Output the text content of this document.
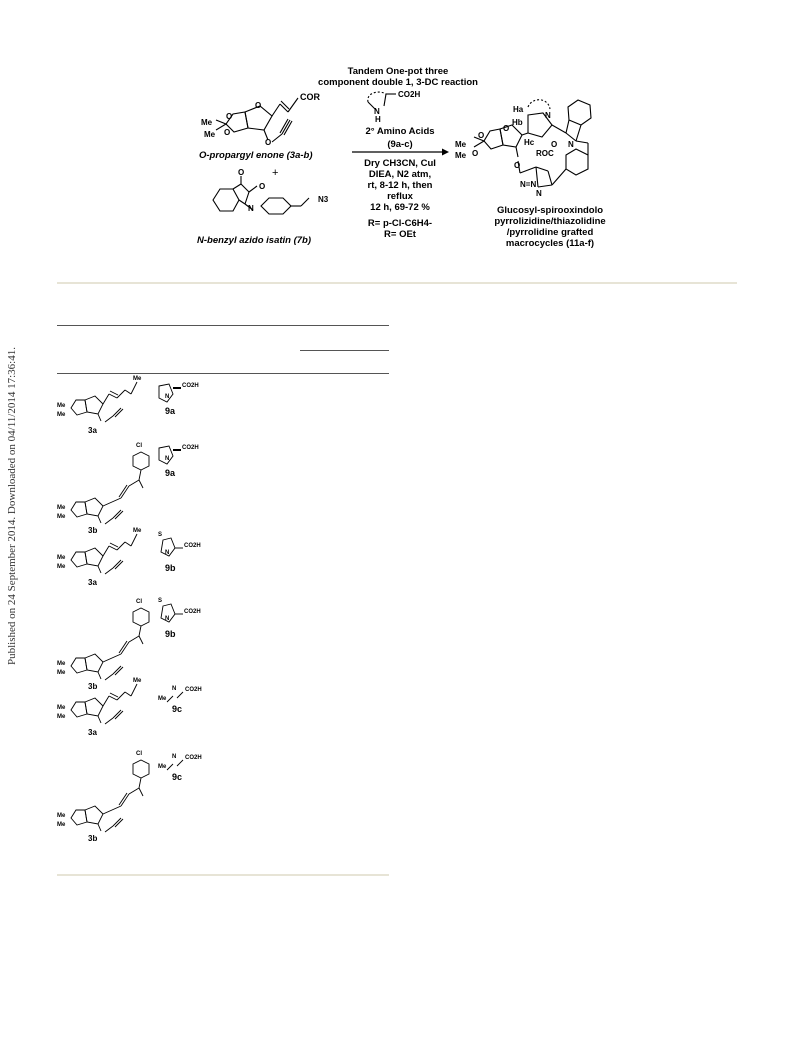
Published on 24 September 2014. Downloaded on 04/11/2014 17:36:41.
Tandem One-pot three
component double 1, 3-DC reaction
O
COR
Me
Me
O
O
O
O-propargyl enone (3a-b)
+
O
O
N
N3
N-benzyl azido isatin (7b)
CO2H
N
H
2° Amino Acids
(9a-c)
Dry CH3CN, CuI
DIEA, N2 atm,
rt, 8-12 h, then
reflux
12 h, 69-72 %
R= p-Cl-C6H4-
R= OEt
Ha
Hb
N
Hc O
ROC
N
O
O
O
Me
Me
O
N=N
N
Glucosyl-spirooxindolo
pyrrolizidine/thiazolidine
/pyrrolidine grafted
macrocycles (11a-f)
Me
Me
Me
3a
CO2H
N
9a
Cl
Me
Me
3b
CO2H
N
9a
Me
Me
Me
3a
CO2H
S
N
9b
Cl
Me
Me
3b
CO2H
S
N
9b
Me
Me
Me
3a
CO2H
Me
N
9c
Cl
Me
Me
3b
CO2H
Me
N
9c
